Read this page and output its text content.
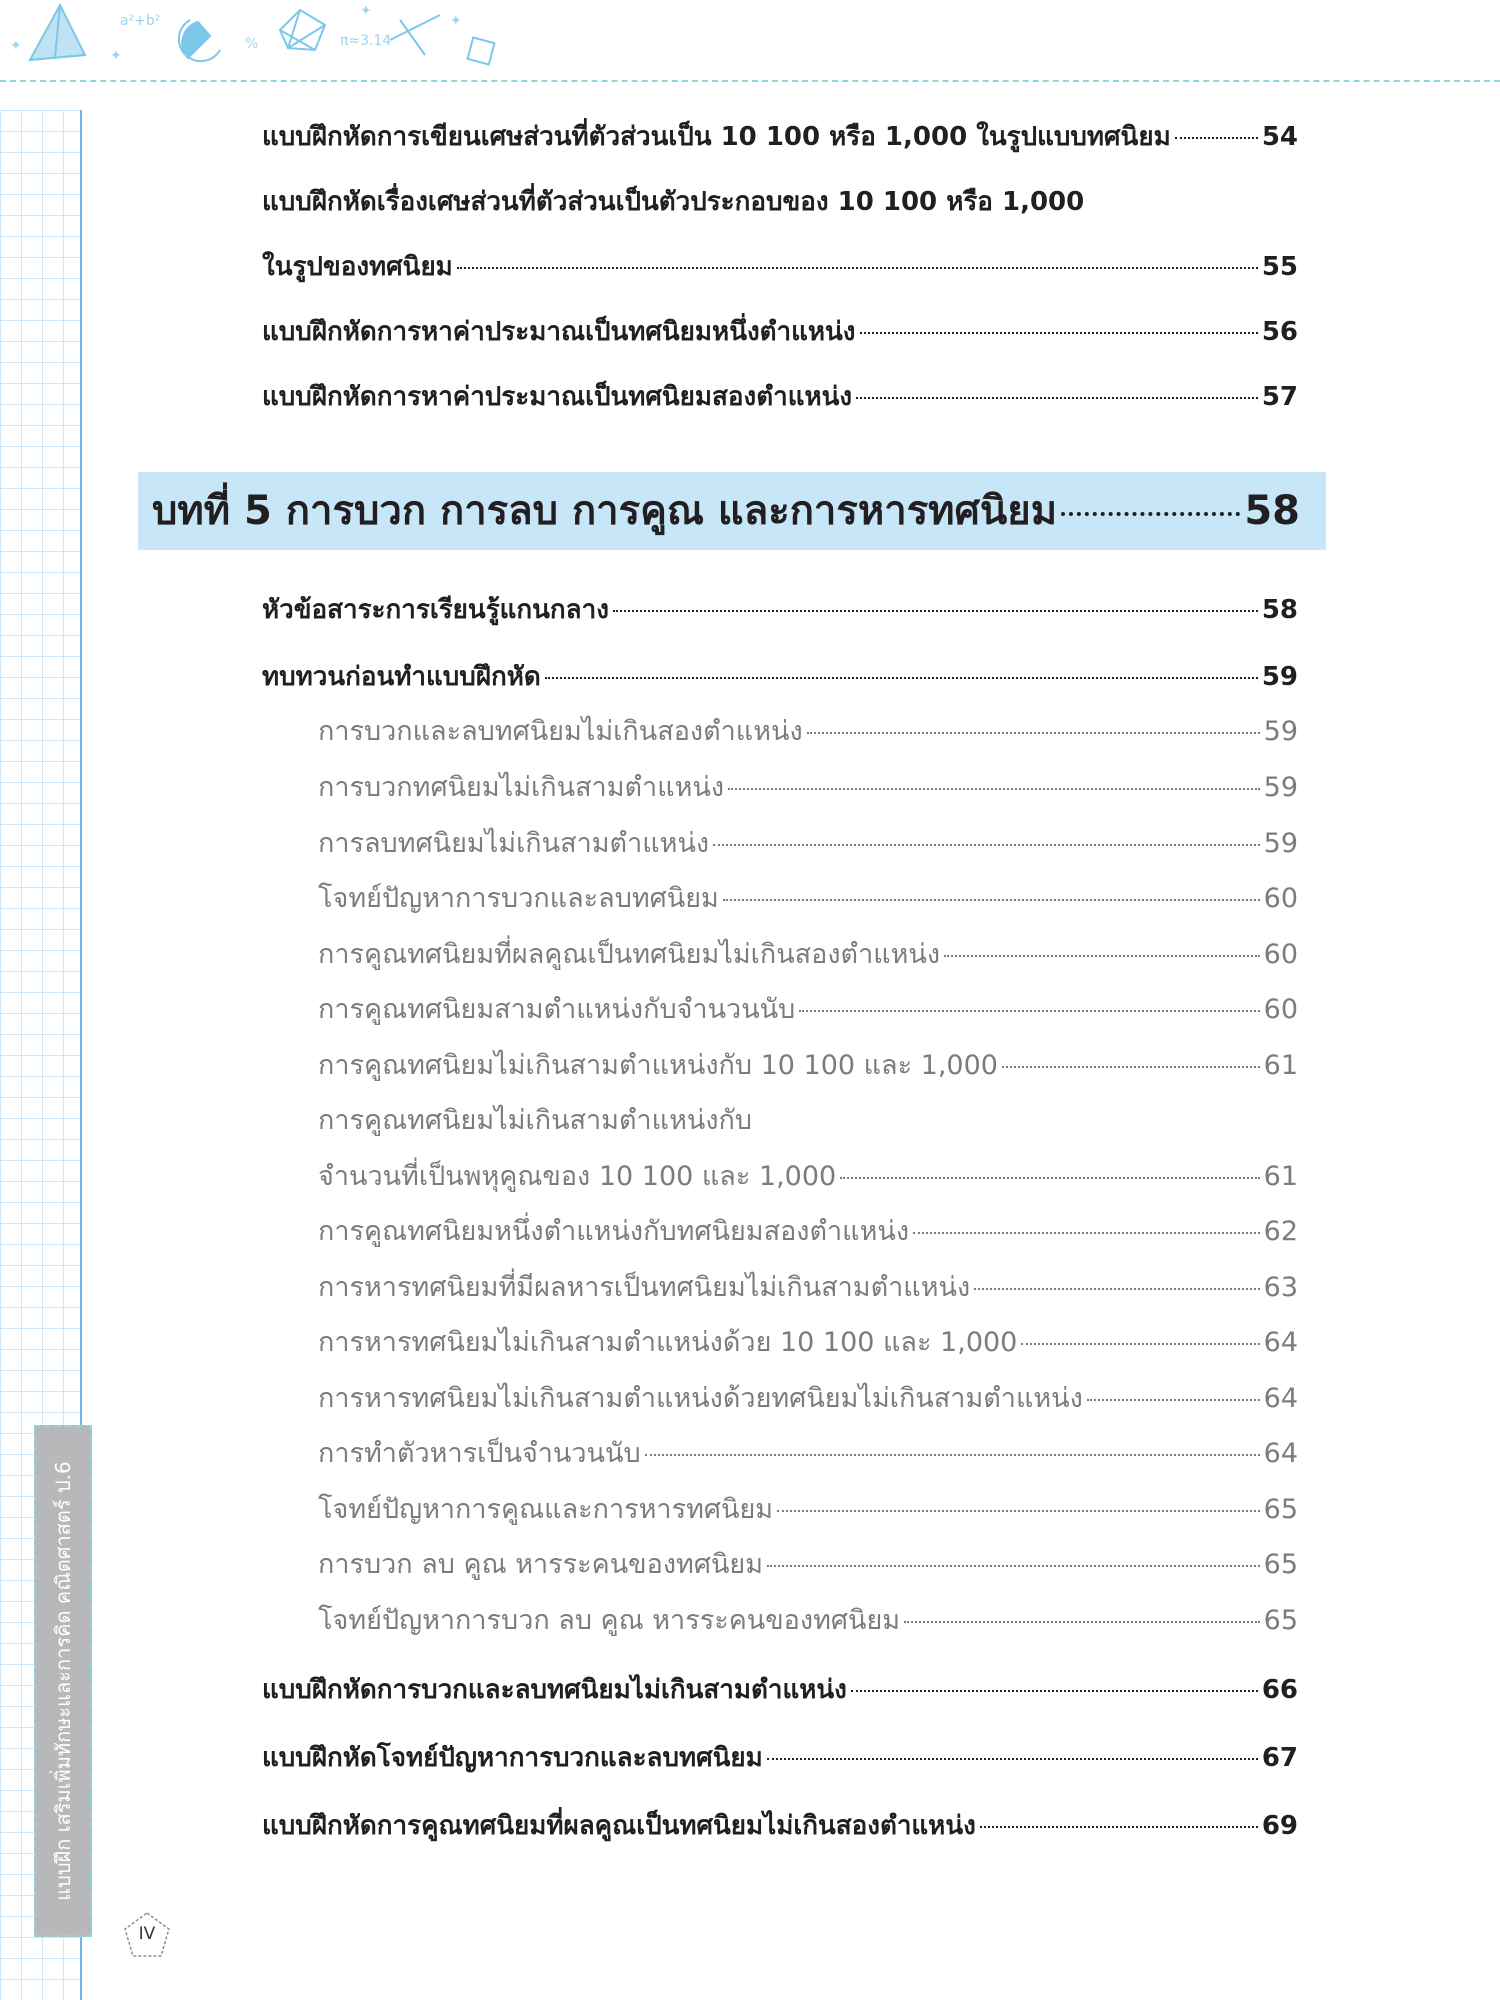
a²+b²
%	π≈3.14
✦
✦
✦
✦
แบบฝึก เสริมเพิ่มทักษะและการคิด คณิตศาสตร์ ป.6
IV
แบบฝึกหัดการเขียนเศษส่วนที่ตัวส่วนเป็น 10 100 หรือ 1,000 ในรูปแบบทศนิยม	54
แบบฝึกหัดเรื่องเศษส่วนที่ตัวส่วนเป็นตัวประกอบของ 10 100 หรือ 1,000
ในรูปของทศนิยม	55
แบบฝึกหัดการหาค่าประมาณเป็นทศนิยมหนึ่งตำแหน่ง	56
แบบฝึกหัดการหาค่าประมาณเป็นทศนิยมสองตำแหน่ง	57
บทที่ 5 การบวก การลบ การคูณ และการหารทศนิยม	58
หัวข้อสาระการเรียนรู้แกนกลาง	58
ทบทวนก่อนทำแบบฝึกหัด	59
การบวกและลบทศนิยมไม่เกินสองตำแหน่ง	59
การบวกทศนิยมไม่เกินสามตำแหน่ง	59
การลบทศนิยมไม่เกินสามตำแหน่ง	59
โจทย์ปัญหาการบวกและลบทศนิยม	60
การคูณทศนิยมที่ผลคูณเป็นทศนิยมไม่เกินสองตำแหน่ง	60
การคูณทศนิยมสามตำแหน่งกับจำนวนนับ	60
การคูณทศนิยมไม่เกินสามตำแหน่งกับ 10 100 และ 1,000	61
การคูณทศนิยมไม่เกินสามตำแหน่งกับ
จำนวนที่เป็นพหุคูณของ 10 100 และ 1,000	61
การคูณทศนิยมหนึ่งตำแหน่งกับทศนิยมสองตำแหน่ง	62
การหารทศนิยมที่มีผลหารเป็นทศนิยมไม่เกินสามตำแหน่ง	63
การหารทศนิยมไม่เกินสามตำแหน่งด้วย 10 100 และ 1,000	64
การหารทศนิยมไม่เกินสามตำแหน่งด้วยทศนิยมไม่เกินสามตำแหน่ง	64
การทำตัวหารเป็นจำนวนนับ	64
โจทย์ปัญหาการคูณและการหารทศนิยม	65
การบวก ลบ คูณ หารระคนของทศนิยม	65
โจทย์ปัญหาการบวก ลบ คูณ หารระคนของทศนิยม	65
แบบฝึกหัดการบวกและลบทศนิยมไม่เกินสามตำแหน่ง	66
แบบฝึกหัดโจทย์ปัญหาการบวกและลบทศนิยม	67
แบบฝึกหัดการคูณทศนิยมที่ผลคูณเป็นทศนิยมไม่เกินสองตำแหน่ง	69
